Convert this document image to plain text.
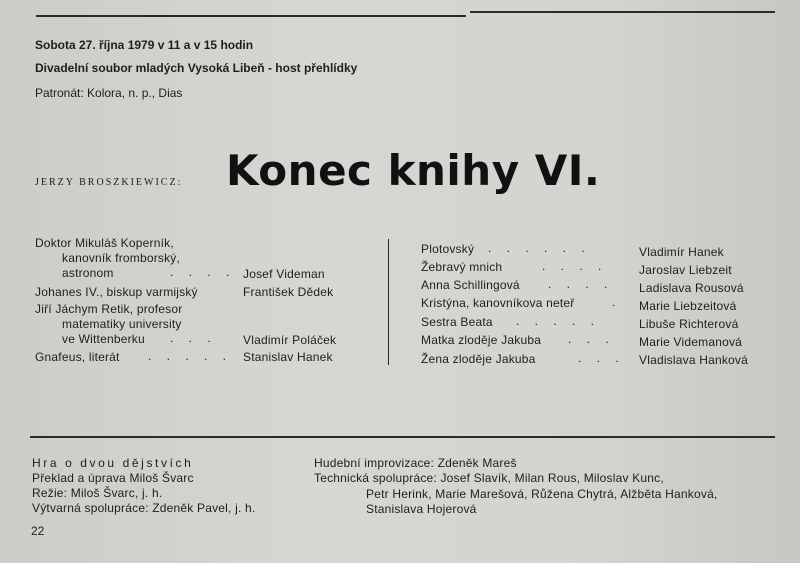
Sobota 27. října 1979 v 11 a v 15 hodin
Divadelní soubor mladých Vysoká Libeň - host přehlídky
Patronát: Kolora, n. p., Dias
JERZY BROSZKIEWICZ: Konec knihy VI.
Doktor Mikuláš Koperník,
kanovník fromborský,
astronom	. . . . Josef Videman
Johanes IV., biskup varmijský	František Dědek
Jiří Jáchym Retik, profesor
matematiky university
ve Wittenberku . . . Vladimír Poláček
Gnafeus, literát . . . . . Stanislav Hanek
Plotovský . . . . . .	Vladimír Hanek
Žebravý mnich	. . . .	Jaroslav Liebzeit
Anna Schillingová . . . . Ladislava Rousová
Kristýna, kanovníkova neteř	. Marie Liebzeitová
Sestra Beata . . . . .	Libuše Richterová
Matka zloděje Jakuba . . . Marie Videmanová
Žena zloděje Jakuba	. . . Vladislava Hanková
Hra o dvou dějstvích
Překlad a úprava Miloš Švarc
Režie: Miloš Švarc, j. h.
Výtvarná spolupráce: Zdeněk Pavel, j. h.
Hudební improvizace: Zdeněk Mareš
Technická spolupráce: Josef Slavík, Milan Rous, Miloslav Kunc,
Petr Herink, Marie Marešová, Růžena Chytrá, Alžběta Hanková,
Stanislava Hojerová
22
